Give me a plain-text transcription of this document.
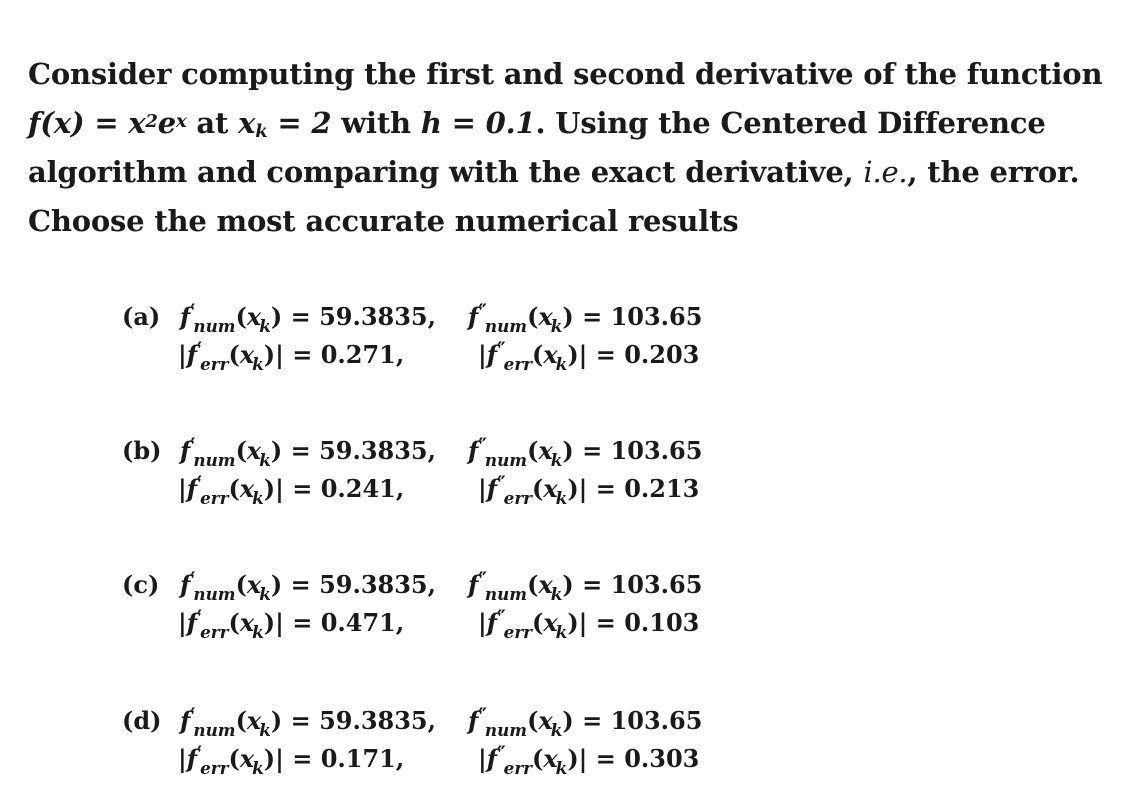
Consider computing the first and second derivative of the function
$f(x) = x^2e^x$ at $x_k = 2$ with h = 0.1. Using the Centered Difference
algorithm and comparing with the exact derivative, i.e., the error.
Choose the most accurate numerical results
(a) $f'_{num}(x_k) = 59.3835$, $f''_{num}(x_k) = 103.65$
$|f'_{err}(x_k)| = 0.271$,	$|f''_{err}(x_k)| = 0.203$
(b) $f'_{num}(x_k) = 59.3835$, $f''_{num}(x_k) = 103.65$
$|f'_{err}(x_k)| = 0.241$,	$|f''_{err}(x_k)| = 0.213$
(c) $f'_{num}(x_k) = 59.3835$, $f''_{num}(x_k) = 103.65$
$|f'_{err}(x_k)| = 0.471$,	$|f''_{err}(x_k)| = 0.103$
(d) $f'_{num}(x_k) = 59.3835$, $f''_{num}(x_k) = 103.65$
$|f'_{err}(x_k)| = 0.171$,	$|f''_{err}(x_k)| = 0.303$
